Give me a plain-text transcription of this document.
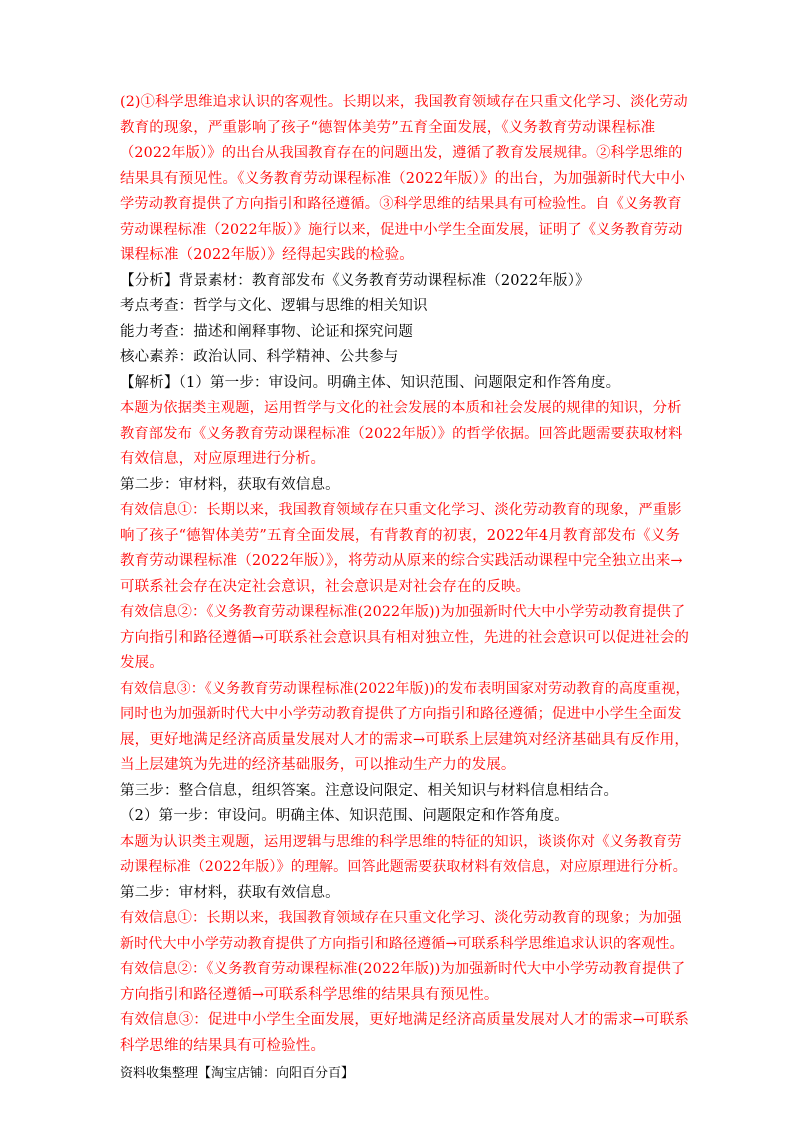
(2)①科学思维追求认识的客观性。长期以来，我国教育领域存在只重文化学习、淡化劳动
教育的现象，严重影响了孩子“德智体美劳”五育全面发展，《义务教育劳动课程标准
（2022年版）》的出台从我国教育存在的问题出发，遵循了教育发展规律。②科学思维的
结果具有预见性。《义务教育劳动课程标准（2022年版）》的出台，为加强新时代大中小
学劳动教育提供了方向指引和路径遵循。③科学思维的结果具有可检验性。自《义务教育
劳动课程标准（2022年版）》施行以来，促进中小学生全面发展，证明了《义务教育劳动
课程标准（2022年版）》经得起实践的检验。
【分析】背景素材：教育部发布《义务教育劳动课程标准（2022年版）》
考点考查：哲学与文化、逻辑与思维的相关知识
能力考查：描述和阐释事物、论证和探究问题
核心素养：政治认同、科学精神、公共参与
【解析】（1）第一步：审设问。明确主体、知识范围、问题限定和作答角度。
本题为依据类主观题，运用哲学与文化的社会发展的本质和社会发展的规律的知识，分析
教育部发布《义务教育劳动课程标准（2022年版）》的哲学依据。回答此题需要获取材料
有效信息，对应原理进行分析。
第二步：审材料，获取有效信息。
有效信息①：长期以来，我国教育领域存在只重文化学习、淡化劳动教育的现象，严重影
响了孩子“德智体美劳”五育全面发展，有背教育的初衷，2022年4月教育部发布《义务
教育劳动课程标准（2022年版）》，将劳动从原来的综合实践活动课程中完全独立出来→
可联系社会存在决定社会意识，社会意识是对社会存在的反映。
有效信息②：《义务教育劳动课程标准(2022年版))为加强新时代大中小学劳动教育提供了
方向指引和路径遵循→可联系社会意识具有相对独立性，先进的社会意识可以促进社会的
发展。
有效信息③：《义务教育劳动课程标准(2022年版))的发布表明国家对劳动教育的高度重视，
同时也为加强新时代大中小学劳动教育提供了方向指引和路径遵循；促进中小学生全面发
展，更好地满足经济高质量发展对人才的需求→可联系上层建筑对经济基础具有反作用，
当上层建筑为先进的经济基础服务，可以推动生产力的发展。
第三步：整合信息，组织答案。注意设问限定、相关知识与材料信息相结合。
（2）第一步：审设问。明确主体、知识范围、问题限定和作答角度。
本题为认识类主观题，运用逻辑与思维的科学思维的特征的知识，谈谈你对《义务教育劳
动课程标准（2022年版）》的理解。回答此题需要获取材料有效信息，对应原理进行分析。
第二步：审材料，获取有效信息。
有效信息①：长期以来，我国教育领域存在只重文化学习、淡化劳动教育的现象；为加强
新时代大中小学劳动教育提供了方向指引和路径遵循→可联系科学思维追求认识的客观性。
有效信息②：《义务教育劳动课程标准(2022年版))为加强新时代大中小学劳动教育提供了
方向指引和路径遵循→可联系科学思维的结果具有预见性。
有效信息③：促进中小学生全面发展，更好地满足经济高质量发展对人才的需求→可联系
科学思维的结果具有可检验性。
资料收集整理【淘宝店铺：向阳百分百】
